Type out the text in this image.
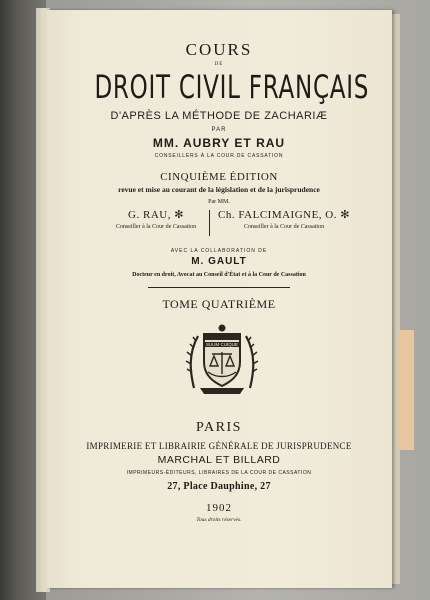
COURS
DE
DROIT CIVIL FRANÇAIS
D'APRÈS LA MÉTHODE DE ZACHARIÆ
PAR
MM. AUBRY ET RAU
CONSEILLERS À LA COUR DE CASSATION
CINQUIÈME ÉDITION
revue et mise au courant de la législation et de la jurisprudence
Par MM.
G. RAU, ✻
Conseiller à la Cour de Cassation
Ch. FALCIMAIGNE, O. ✻
Conseiller à la Cour de Cassation
AVEC LA COLLABORATION DE
M. GAULT
Docteur en droit, Avocat au Conseil d'État et à la Cour de Cassation
TOME QUATRIÈME
SUUM CUIQUE
PARIS
IMPRIMERIE ET LIBRAIRIE GÉNÉRALE DE JURISPRUDENCE
MARCHAL ET BILLARD
IMPRIMEURS-ÉDITEURS, LIBRAIRES DE LA COUR DE CASSATION
27, Place Dauphine, 27
1902
Tous droits réservés.
